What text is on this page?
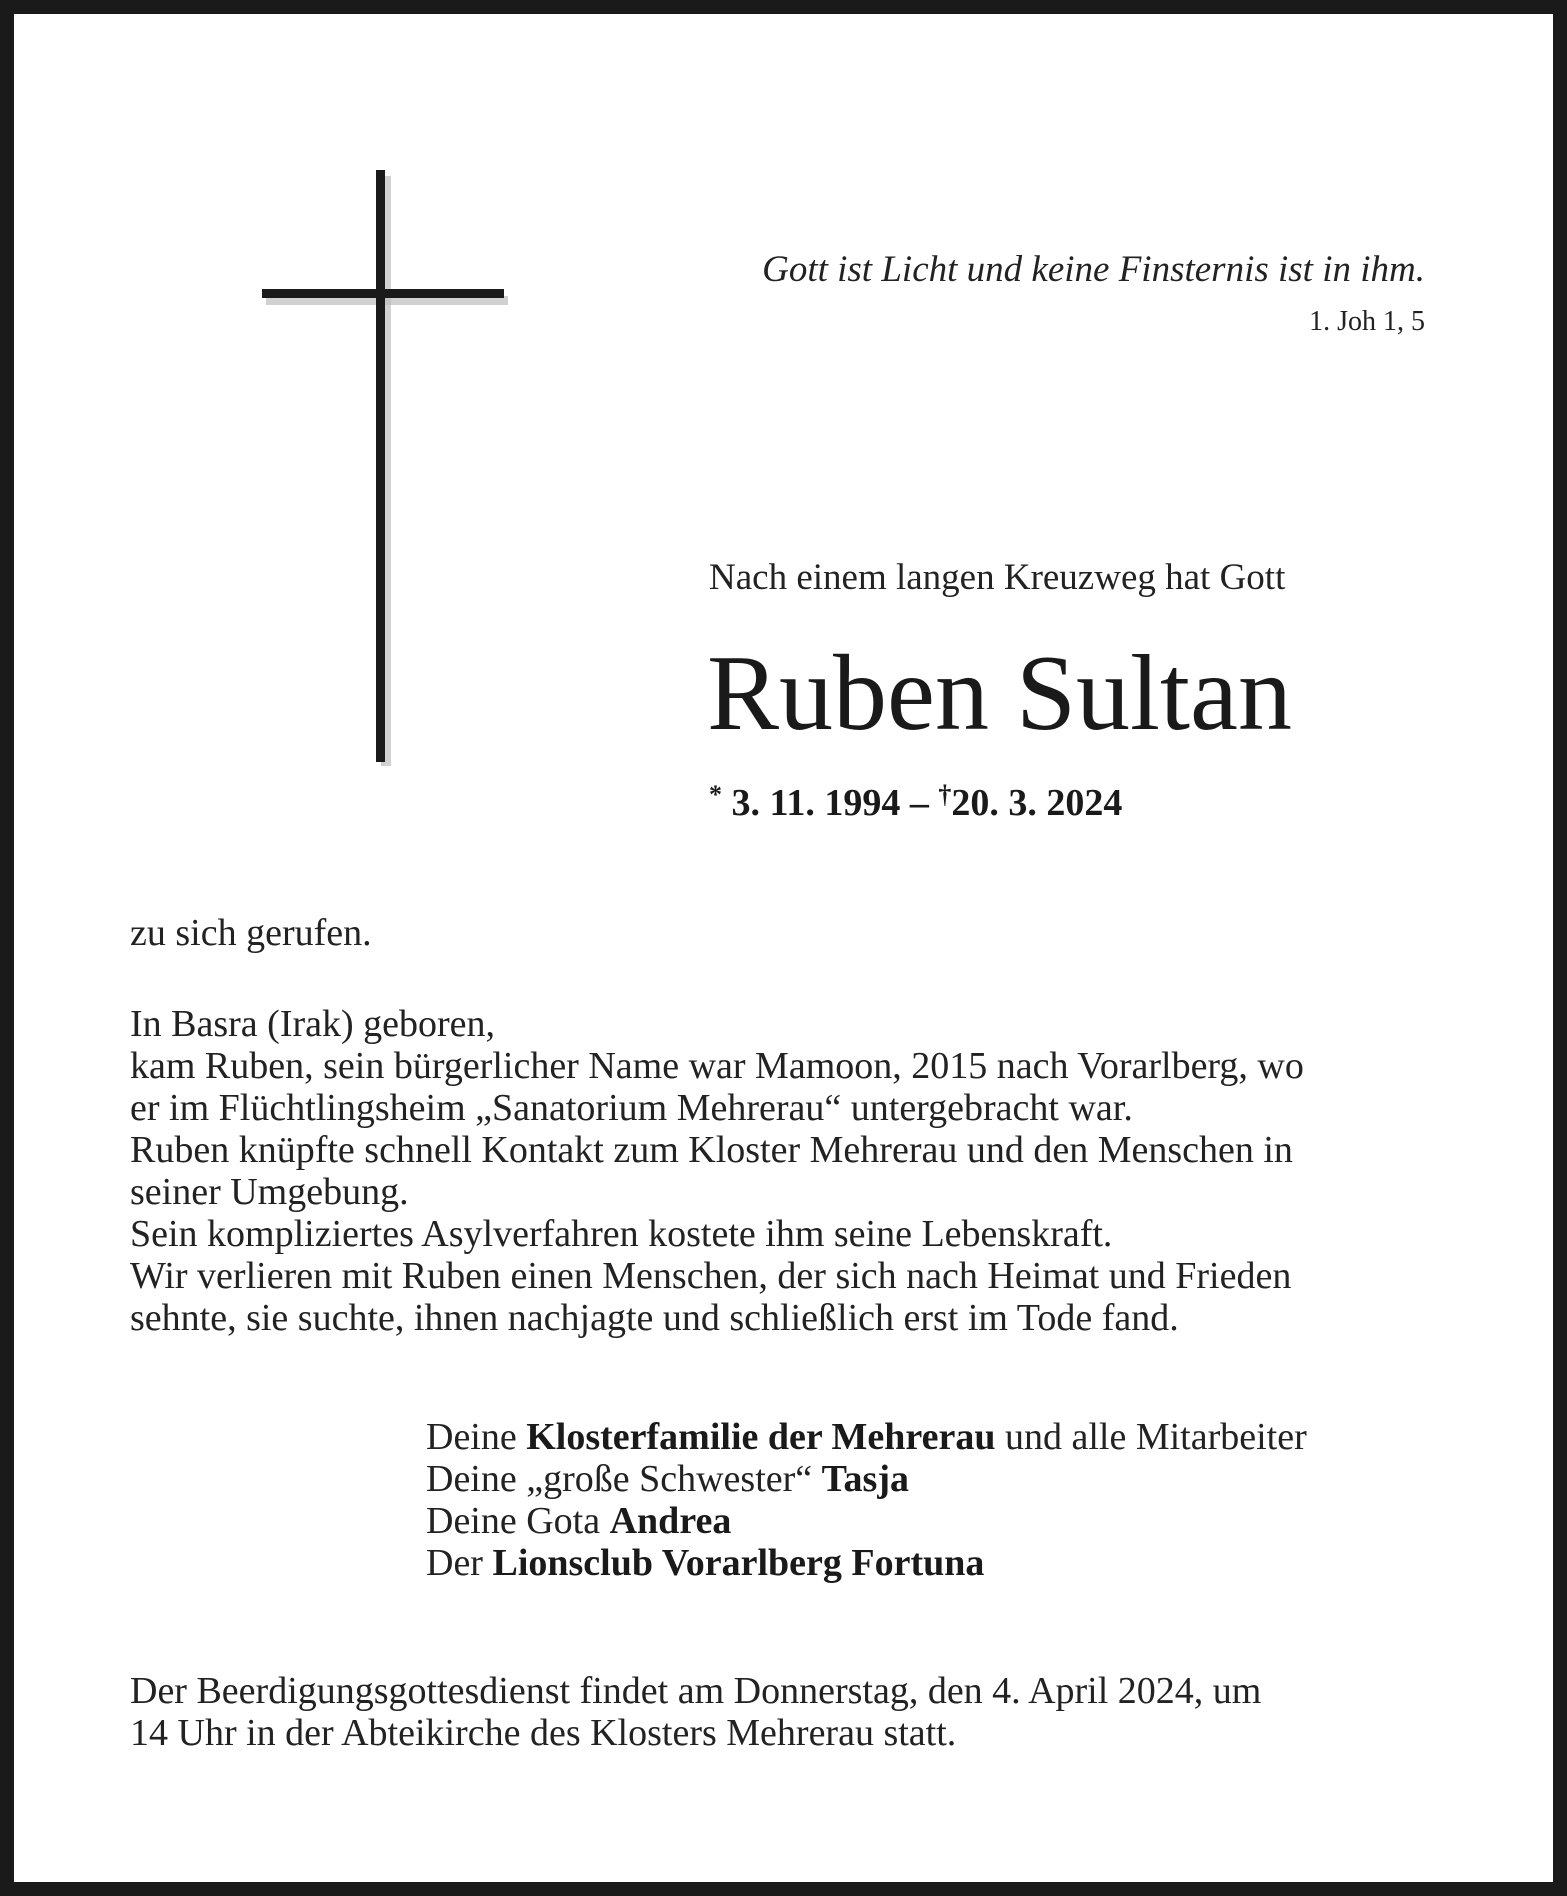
Gott ist Licht und keine Finsternis ist in ihm.
1. Joh 1, 5
Nach einem langen Kreuzweg hat Gott
Ruben Sultan
* 3. 11. 1994 – †20. 3. 2024
zu sich gerufen.

In Basra (Irak) geboren,

kam Ruben, sein bürgerlicher Name war Mamoon, 2015 nach Vorarlberg, wo

er im Flüchtlingsheim „Sanatorium Mehrerau“ untergebracht war.

Ruben knüpfte schnell Kontakt zum Kloster Mehrerau und den Menschen in

seiner Umgebung.

Sein kompliziertes Asylverfahren kostete ihm seine Lebenskraft.

Wir verlieren mit Ruben einen Menschen, der sich nach Heimat und Frieden

sehnte, sie suchte, ihnen nachjagte und schließlich erst im Tode fand.

Deine Klosterfamilie der Mehrerau und alle Mitarbeiter

Deine „große Schwester“ Tasja

Deine Gota Andrea

Der Lionsclub Vorarlberg Fortuna

Der Beerdigungsgottesdienst findet am Donnerstag, den 4. April 2024, um

14 Uhr in der Abteikirche des Klosters Mehrerau statt.
